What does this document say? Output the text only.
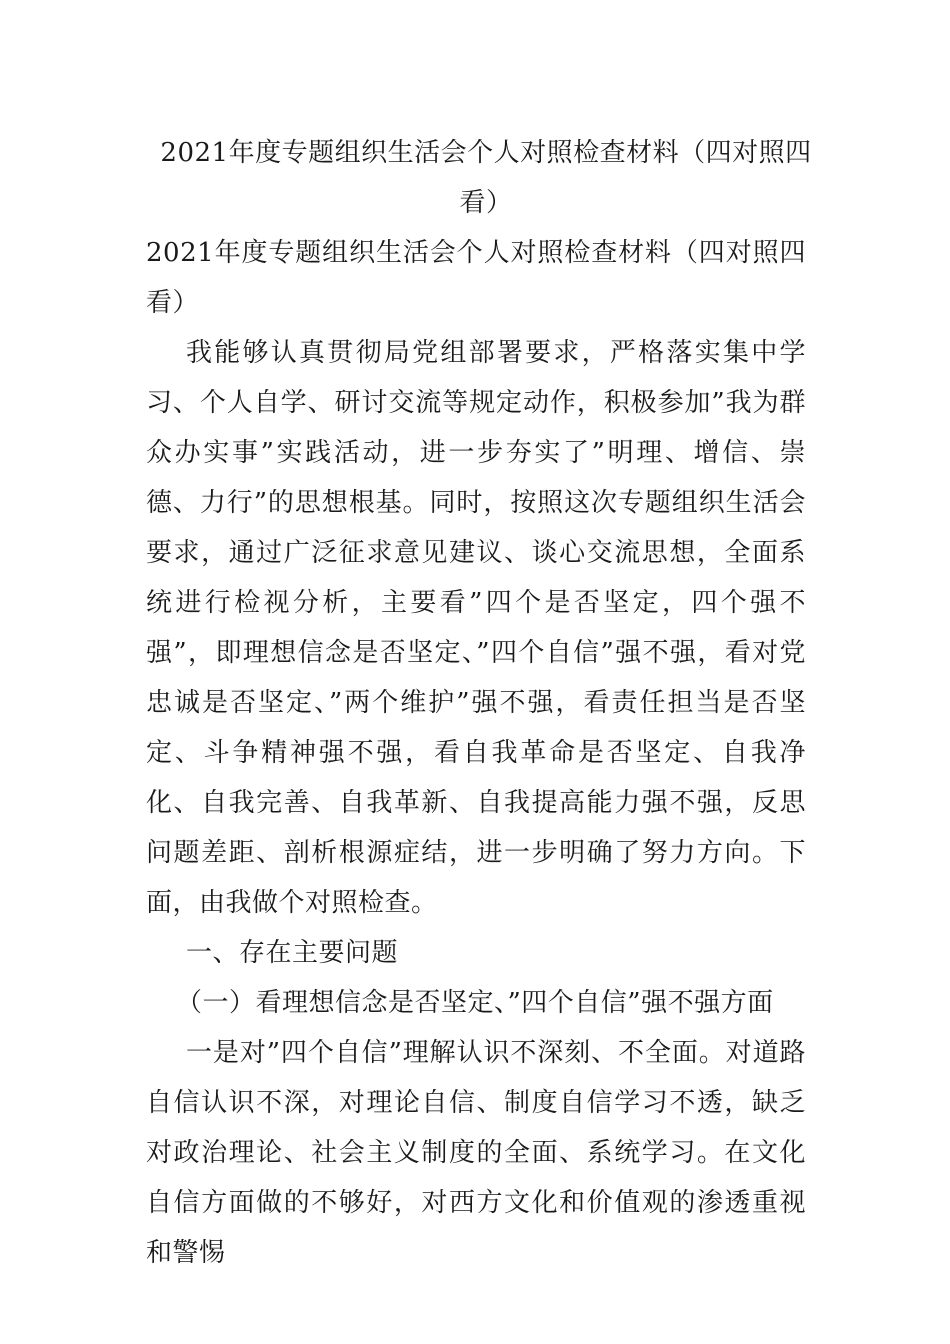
2021年度专题组织生活会个人对照检查材料（四对照四看）
2021年度专题组织生活会个人对照检查材料（四对照四看）

我能够认真贯彻局党组部署要求，严格落实集中学习、个人自学、研讨交流等规定动作，积极参加”我为群众办实事”实践活动，进一步夯实了”明理、增信、崇德、力行”的思想根基。同时，按照这次专题组织生活会要求，通过广泛征求意见建议、谈心交流思想，全面系统进行检视分析，主要看”四个是否坚定，四个强不强”，即理想信念是否坚定、”四个自信”强不强，看对党忠诚是否坚定、”两个维护”强不强，看责任担当是否坚定、斗争精神强不强，看自我革命是否坚定、自我净化、自我完善、自我革新、自我提高能力强不强，反思问题差距、剖析根源症结，进一步明确了努力方向。下面，由我做个对照检查。

一、存在主要问题

（一）看理想信念是否坚定、”四个自信”强不强方面

一是对”四个自信”理解认识不深刻、不全面。对道路自信认识不深，对理论自信、制度自信学习不透，缺乏对政治理论、社会主义制度的全面、系统学习。在文化自信方面做的不够好，对西方文化和价值观的渗透重视和警惕
